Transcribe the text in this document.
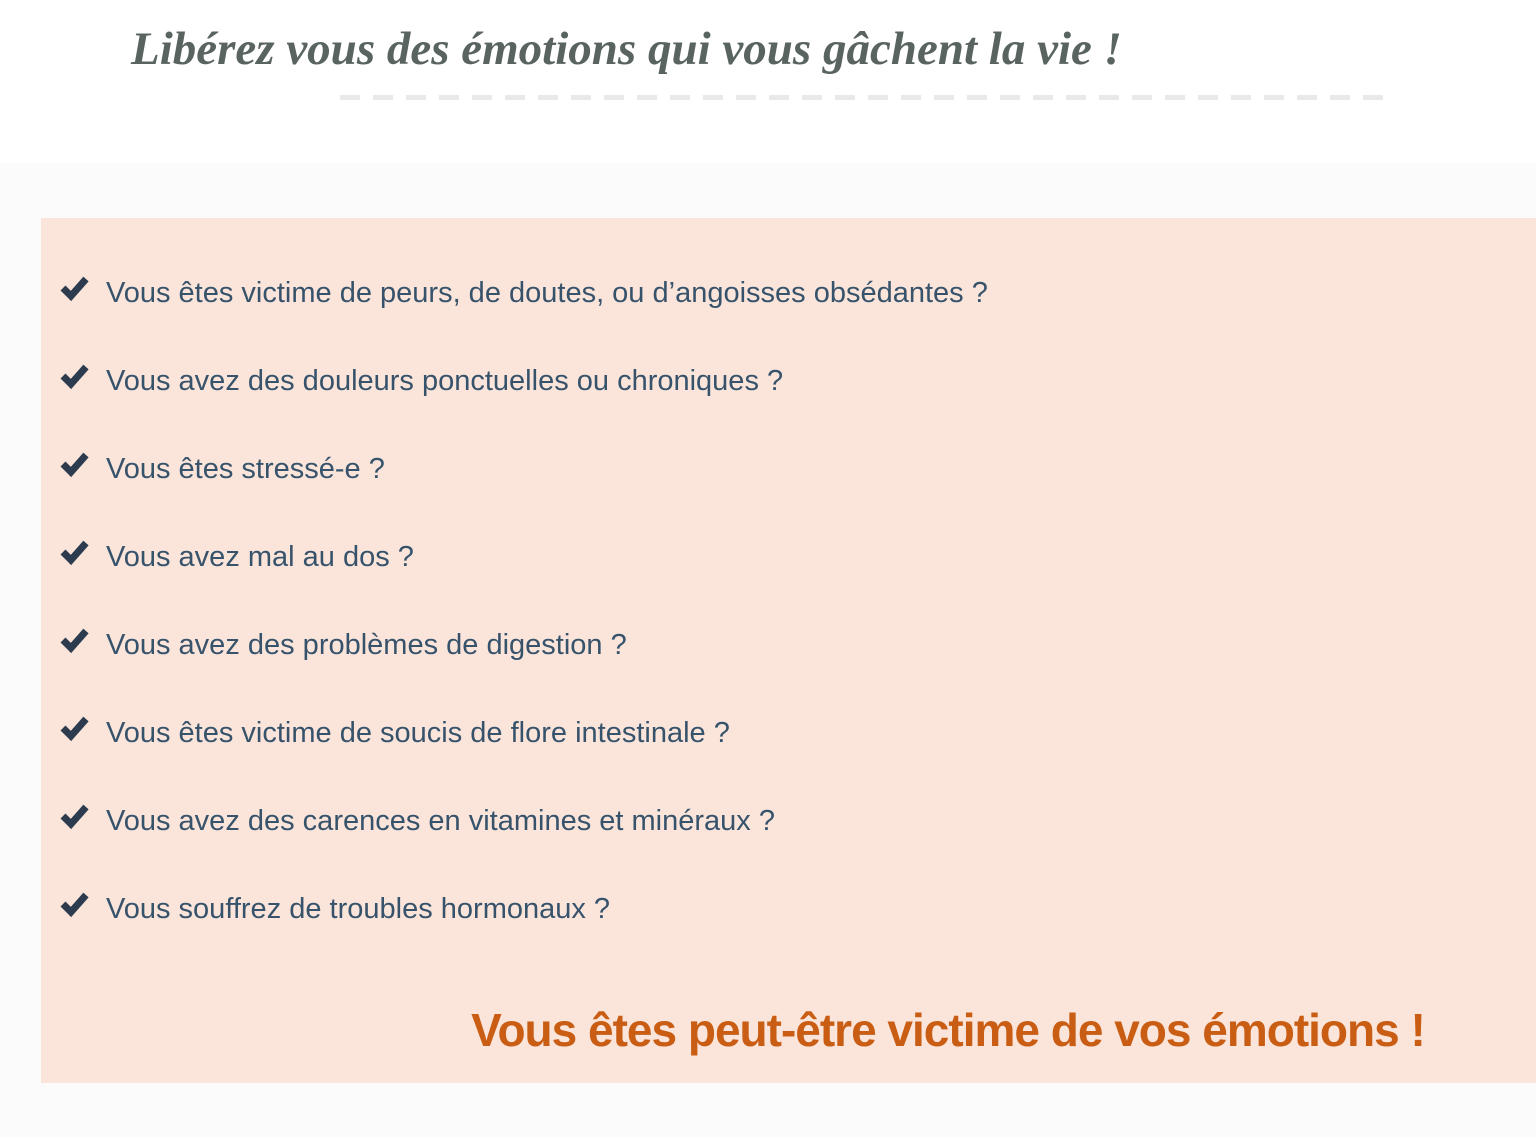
Libérez vous des émotions qui vous gâchent la vie !
Vous êtes victime de peurs, de doutes, ou d’angoisses obsédantes ?
Vous avez des douleurs ponctuelles ou chroniques ?
Vous êtes stressé-e ?
Vous avez mal au dos ?
Vous avez des problèmes de digestion ?
Vous êtes victime de soucis de flore intestinale ?
Vous avez des carences en vitamines et minéraux ?
Vous souffrez de troubles hormonaux ?
Vous êtes peut-être victime de vos émotions !
